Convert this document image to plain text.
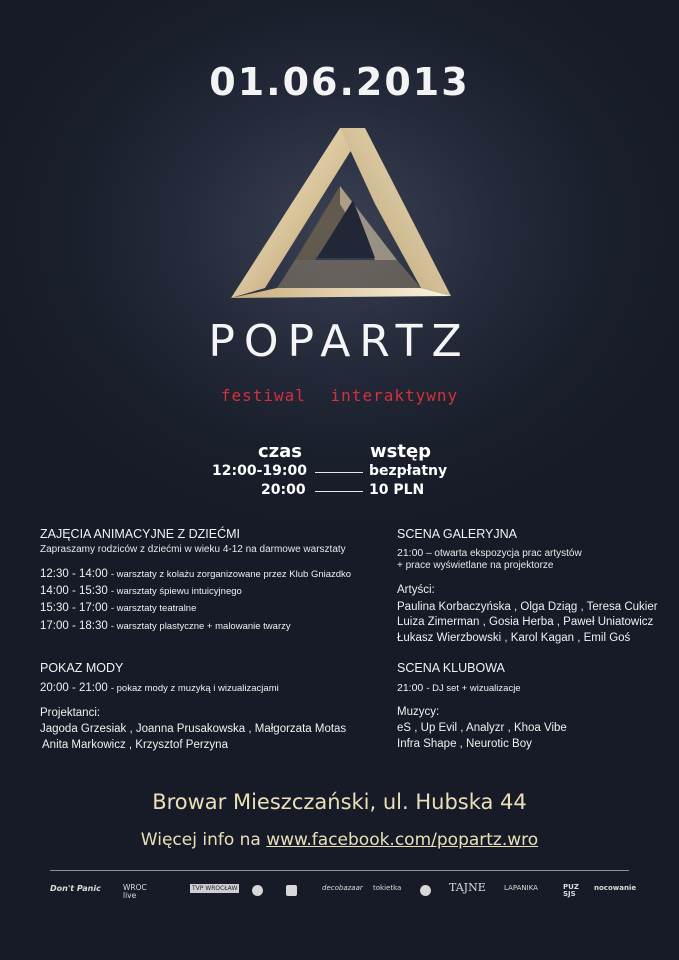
01.06.2013
POPARTZ
festiwal interaktywny
czas	wstęp
12:00-19:00	bezpłatny
20:00	10 PLN
ZAJĘCIA ANIMACYJNE Z DZIEĆMI
Zapraszamy rodziców z dziećmi w wieku 4-12 na darmowe warsztaty
12:30 - 14:00 - warsztaty z kolażu zorganizowane przez Klub Gniazdko
14:00 - 15:30 - warsztaty śpiewu intuicyjnego
15:30 - 17:00 - warsztaty teatralne
17:00 - 18:30 - warsztaty plastyczne + malowanie twarzy
POKAZ MODY
20:00 - 21:00 - pokaz mody z muzyką i wizualizacjami
Projektanci:
Jagoda Grzesiak , Joanna Prusakowska , Małgorzata Motas
Anita Markowicz , Krzysztof Perzyna
SCENA GALERYJNA
21:00 – otwarta ekspozycja prac artystów
+ prace wyświetlane na projektorze
Artyści:
Paulina Korbaczyńska , Olga Dziąg , Teresa Cukier
Luiza Zimerman , Gosia Herba , Paweł Uniatowicz
Łukasz Wierzbowski , Karol Kagan , Emil Goś
SCENA KLUBOWA
21:00 - DJ set + wizualizacje
Muzycy:
eS , Up Evil , Analyzr , Khoa Vibe
Infra Shape , Neurotic Boy
Browar Mieszczański, ul. Hubska 44
Więcej info na www.facebook.com/popartz.wro
Don't Panic	WROC live
TVP WROCŁAW	decobazaar tokietka	TAJNE	LAPANIKA	PUZ SJS
nocowanie
